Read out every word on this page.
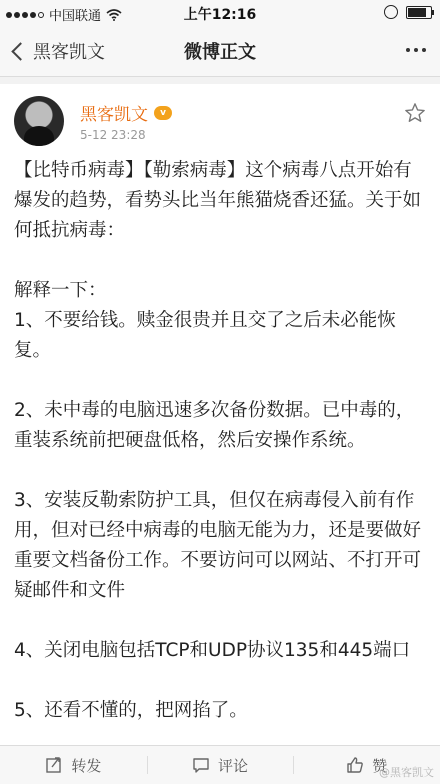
中国联通	上午12:16
黑客凯文	微博正文
黑客凯文	v
5-12 23:28

【比特币病毒】【勒索病毒】这个病毒八点开始有爆发的趋势，看势头比当年熊猫烧香还猛。关于如何抵抗病毒：

解释一下：
1、不要给钱。赎金很贵并且交了之后未必能恢复。

2、未中毒的电脑迅速多次备份数据。已中毒的，重装系统前把硬盘低格，然后安操作系统。

3、安装反勒索防护工具，但仅在病毒侵入前有作用，但对已经中病毒的电脑无能为力，还是要做好重要文档备份工作。不要访问可以网站、不打开可疑邮件和文件

4、关闭电脑包括TCP和UDP协议135和445端口

5、还看不懂的，把网掐了。

转发	评论	赞
@黑客凯文
